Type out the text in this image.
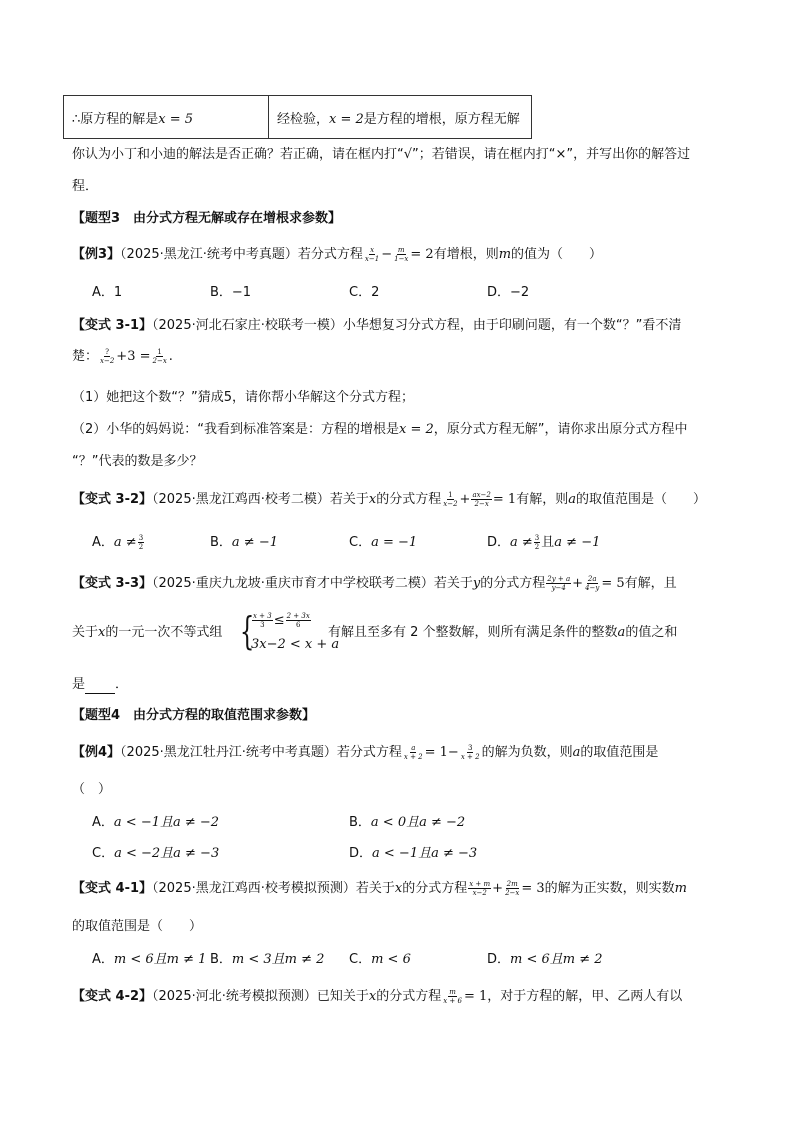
∴原方程的解是x = 5	经检验，x = 2是方程的增根，原方程无解
你认为小丁和小迪的解法是否正确？若正确，请在框内打“√”；若错误，请在框内打“×”，并写出你的解答过
程．
【题型3　由分式方程无解或存在增根求参数】
【例3】（2025·黑龙江·统考中考真题）若分式方程 $\frac{x}{x-1} - \frac{m}{1-x} = 2$有增根，则m的值为（　　）
A．1	B．−1	C．2	D．−2
【变式 3-1】（2025·河北石家庄·校联考一模）小华想复习分式方程，由于印刷问题，有一个数“？”看不清
楚： $\frac{?}{x-2} +3 = \frac{1}{2-x}$ .
（1）她把这个数“？”猜成5，请你帮小华解这个分式方程；
（2）小华的妈妈说：“我看到标准答案是：方程的增根是x = 2，原分式方程无解”，请你求出原分式方程中
“？”代表的数是多少？
【变式 3-2】（2025·黑龙江鸡西·校考二模）若关于x的分式方程 $\frac{1}{x-2} + \frac{ax-2}{2-x} = 1$有解，则a的取值范围是（　　）
A．$a \ne \frac{3}{2}$	B．a ≠ −1	C．a = −1	D．$a \ne \frac{3}{2}$ 且a ≠ −1
【变式 3-3】（2025·重庆九龙坡·重庆市育才中学校联考二模）若关于y的分式方程 $\frac{2y + a}{y-4} + \frac{2a}{4-y} = 5$有解，且
关于x的一元一次不等式组 {
$\frac{x + 3}{3} \le \frac{2 + 3x}{6}$
3x−2 < x + a
有解且至多有 2 个整数解，则所有满足条件的整数a的值之和
是 ．
【题型4　由分式方程的取值范围求参数】
【例4】（2025·黑龙江牡丹江·统考中考真题）若分式方程 $\frac{a}{x + 2} = 1- \frac{3}{x + 2}$ 的解为负数，则a的取值范围是
（　）
A．a < −1且a ≠ −2	B．a < 0且a ≠ −2
C．a < −2且a ≠ −3	D．a < −1且a ≠ −3
【变式 4-1】（2025·黑龙江鸡西·校考模拟预测）若关于x的分式方程 $\frac{x + m}{x-2} + \frac{2m}{2-x} = 3$的解为正实数，则实数m
的取值范围是（　　）
A．m < 6且m ≠ 1 B．m < 3且m ≠ 2 C．m < 6	D．m < 6且m ≠ 2
【变式 4-2】（2025·河北·统考模拟预测）已知关于x的分式方程 $\frac{m}{x + 6} = 1$，对于方程的解，甲、乙两人有以
